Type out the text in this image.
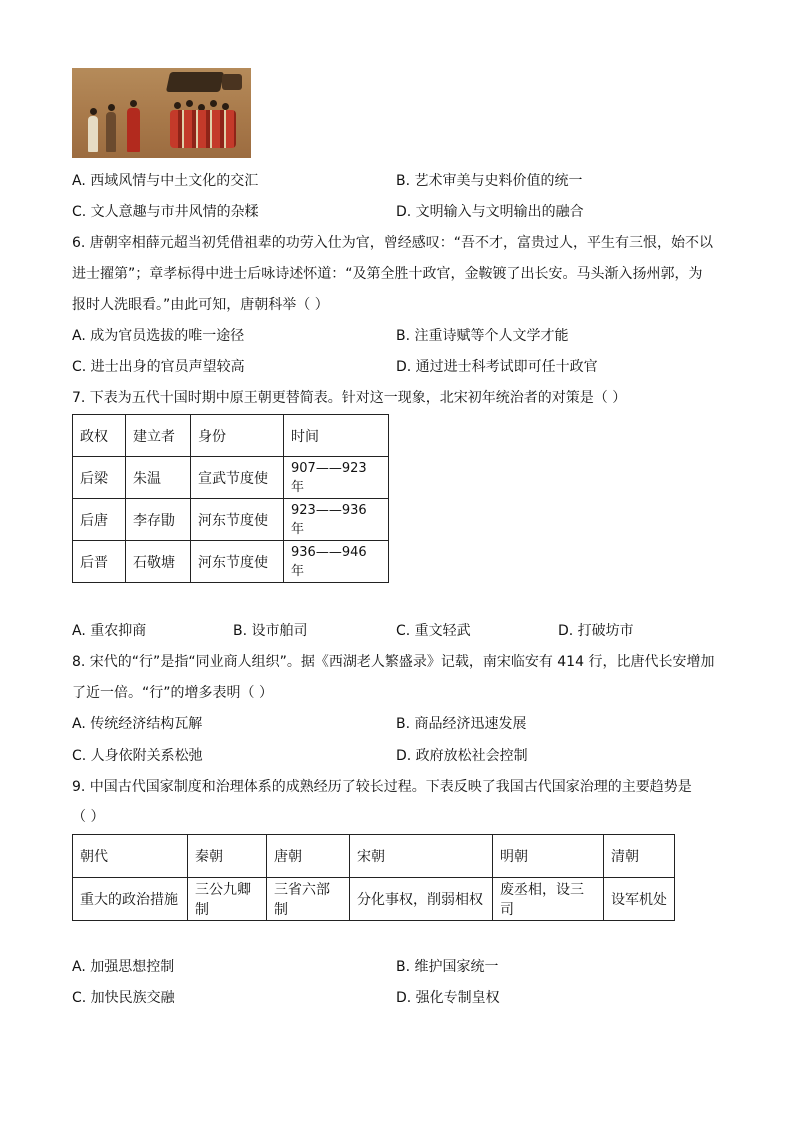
A. 西域风情与中土文化的交汇	B. 艺术审美与史料价值的统一
C. 文人意趣与市井风情的杂糅	D. 文明输入与文明输出的融合
6. 唐朝宰相薛元超当初凭借祖辈的功劳入仕为官，曾经感叹：“吾不才，富贵过人，平生有三恨，始不以
进士擢第”；章孝标得中进士后咏诗述怀道：“及第全胜十政官，金鞍镀了出长安。马头渐入扬州郭，为
报时人洗眼看。”由此可知，唐朝科举（ ）
A. 成为官员选拔的唯一途径	B. 注重诗赋等个人文学才能
C. 进士出身的官员声望较高	D. 通过进士科考试即可任十政官
7. 下表为五代十国时期中原王朝更替简表。针对这一现象，北宋初年统治者的对策是（ ）
政权	建立者	身份	时间
后梁	朱温	宣武节度使	907——923 年
后唐	李存勖	河东节度使	923——936 年
后晋	石敬塘	河东节度使	936——946 年
A. 重农抑商	B. 设市舶司	C. 重文轻武	D. 打破坊市
8. 宋代的“行”是指“同业商人组织”。据《西湖老人繁盛录》记载，南宋临安有 414 行，比唐代长安增加
了近一倍。“行”的增多表明（ ）
A. 传统经济结构瓦解	B. 商品经济迅速发展
C. 人身依附关系松弛	D. 政府放松社会控制
9. 中国古代国家制度和治理体系的成熟经历了较长过程。下表反映了我国古代国家治理的主要趋势是
（ ）
朝代	秦朝	唐朝	宋朝	明朝	清朝
重大的政治措施	三公九卿制	三省六部制	分化事权，削弱相权	废丞相，设三司	设军机处
A. 加强思想控制	B. 维护国家统一
C. 加快民族交融	D. 强化专制皇权
